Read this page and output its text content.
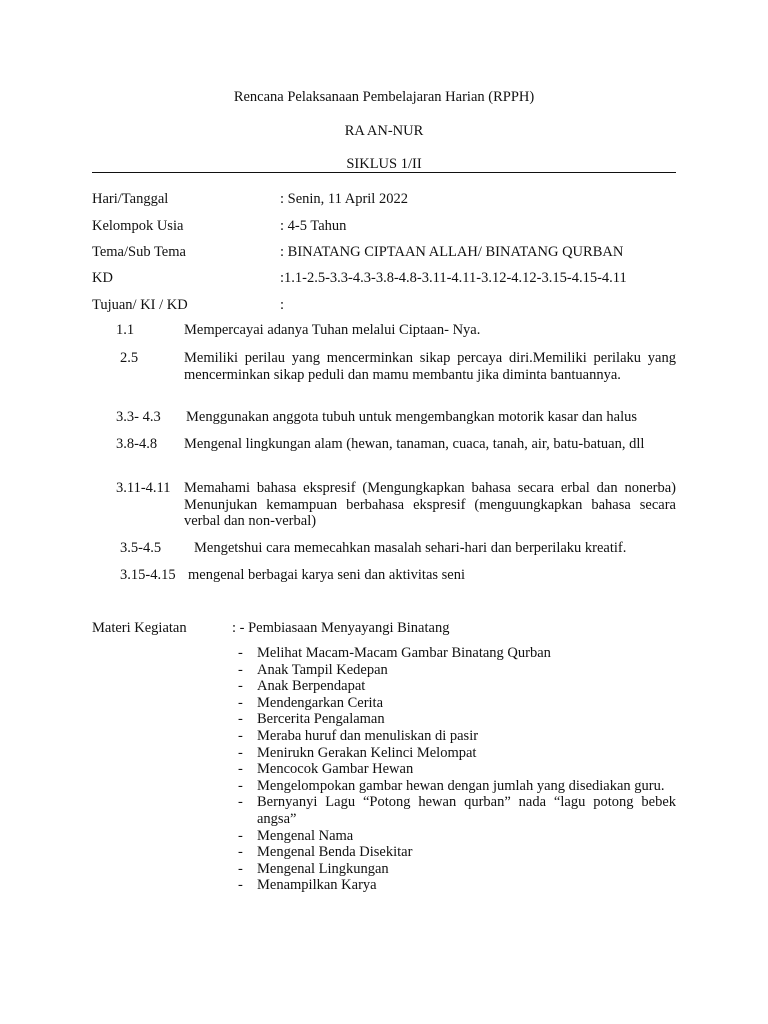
Rencana Pelaksanaan Pembelajaran Harian (RPPH)
RA AN-NUR
SIKLUS 1/II
Hari/Tanggal	: Senin, 11 April 2022
Kelompok Usia	: 4-5 Tahun
Tema/Sub Tema	: BINATANG CIPTAAN ALLAH/ BINATANG QURBAN
KD	:1.1-2.5-3.3-4.3-3.8-4.8-3.11-4.11-3.12-4.12-3.15-4.15-4.11
Tujuan/ KI / KD	:
1.1	Mempercayai adanya Tuhan melalui Ciptaan- Nya.
2.5	Memiliki perilau yang mencerminkan sikap percaya diri.Memiliki perilaku yang mencerminkan sikap peduli dan mamu membantu jika diminta bantuannya.
3.3- 4.3 Menggunakan anggota tubuh untuk mengembangkan motorik kasar dan halus
3.8-4.8 Mengenal lingkungan alam (hewan, tanaman, cuaca, tanah, air, batu-batuan, dll
3.11-4.11 Memahami bahasa ekspresif (Mengungkapkan bahasa secara erbal dan nonerba) Menunjukan kemampuan berbahasa ekspresif (menguungkapkan bahasa secara verbal dan non-verbal)
3.5-4.5 Mengetshui cara memecahkan masalah sehari-hari dan berperilaku kreatif.
3.15-4.15 mengenal berbagai karya seni dan aktivitas seni
Materi Kegiatan	: - Pembiasaan Menyayangi Binatang
- Melihat Macam-Macam Gambar Binatang Qurban
- Anak Tampil Kedepan
- Anak Berpendapat
- Mendengarkan Cerita
- Bercerita Pengalaman
- Meraba huruf dan menuliskan di pasir
- Menirukn Gerakan Kelinci Melompat
- Mencocok Gambar Hewan
- Mengelompokan gambar hewan dengan jumlah yang disediakan guru.
- Bernyanyi Lagu “Potong hewan qurban” nada “lagu potong bebek angsa”
- Mengenal Nama
- Mengenal Benda Disekitar
- Mengenal Lingkungan
- Menampilkan Karya
